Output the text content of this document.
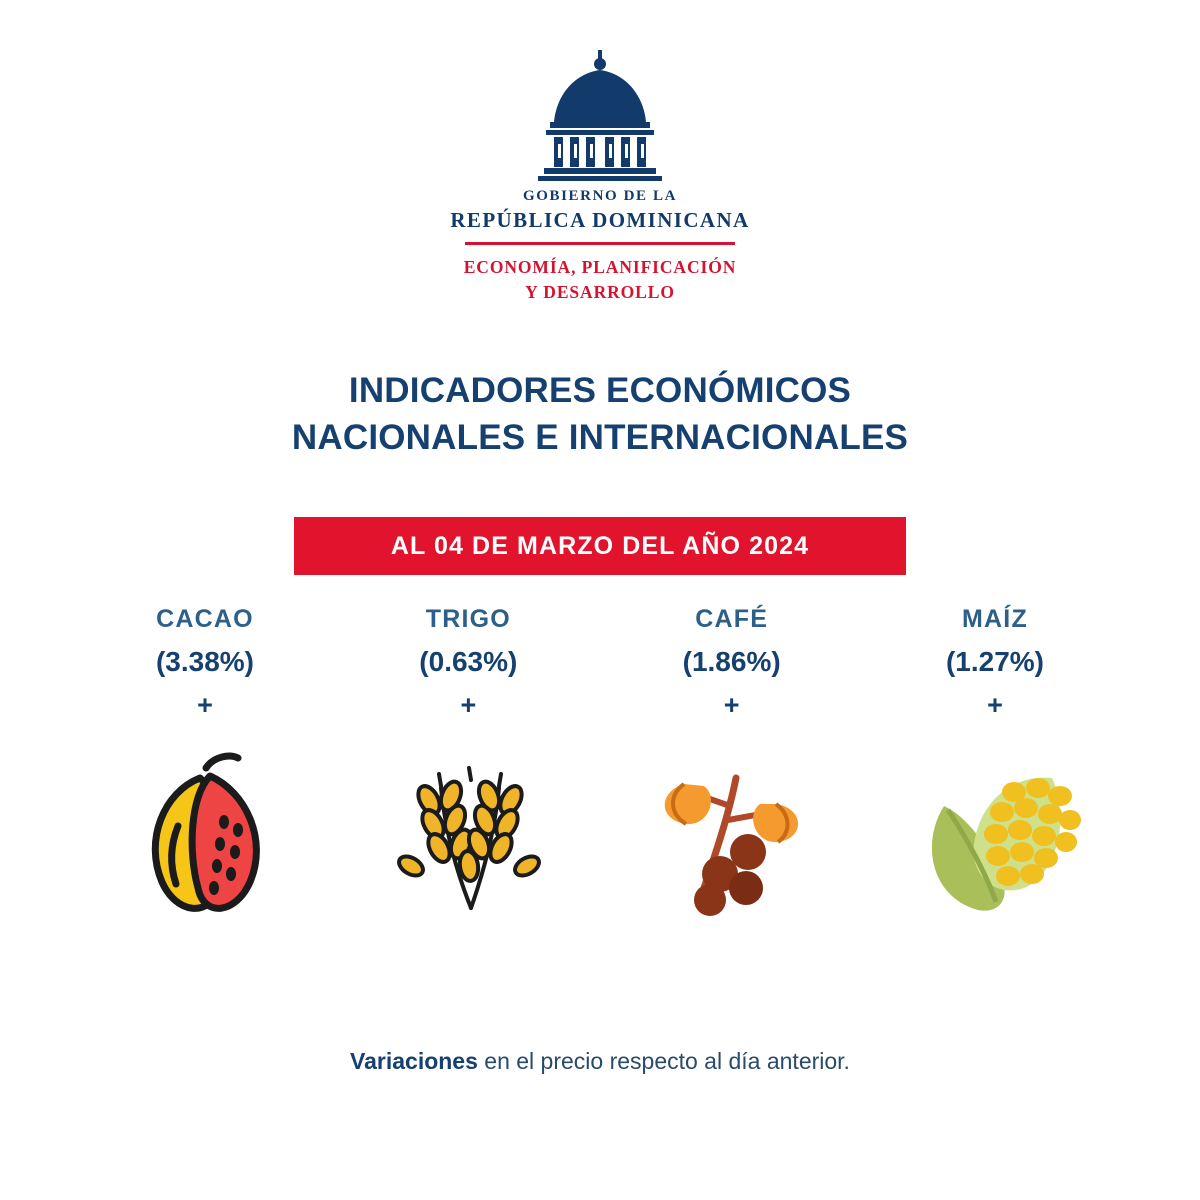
GOBIERNO DE LA
REPÚBLICA DOMINICANA
ECONOMÍA, PLANIFICACIÓN
Y DESARROLLO
INDICADORES ECONÓMICOS
NACIONALES E INTERNACIONALES
AL 04 DE MARZO DEL AÑO 2024
CACAO
(3.38%)
+
TRIGO
(0.63%)
+
CAFÉ
(1.86%)
+
MAÍZ
(1.27%)
+
Variaciones en el precio respecto al día anterior.
